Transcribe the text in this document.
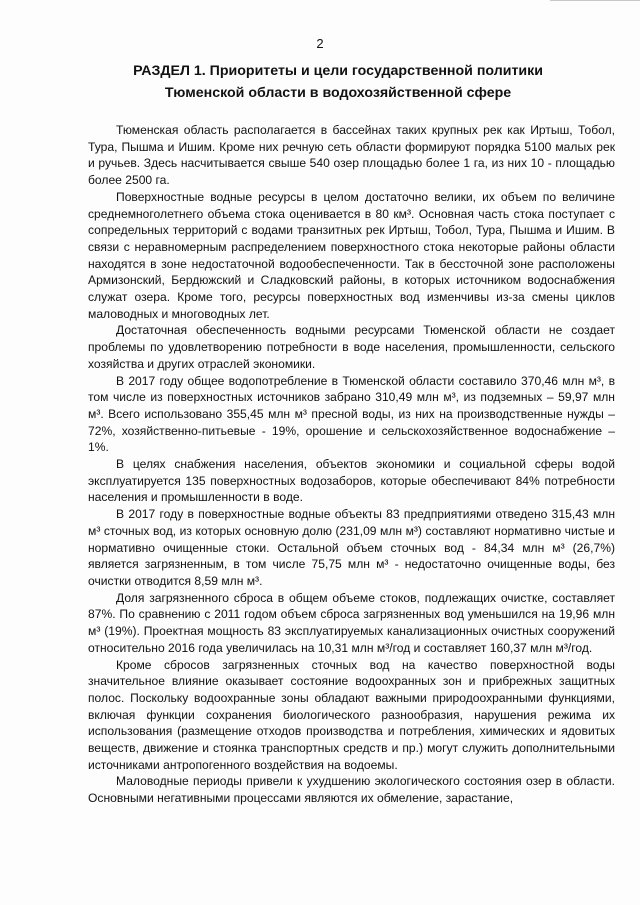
2
РАЗДЕЛ 1. Приоритеты и цели государственной политики
Тюменской области в водохозяйственной сфере

Тюменская область располагается в бассейнах таких крупных рек как Иртыш, Тобол, Тура, Пышма и Ишим. Кроме них речную сеть области формируют порядка 5100 малых рек и ручьев. Здесь насчитывается свыше 540 озер площадью более 1 га, из них 10 - площадью более 2500 га.

Поверхностные водные ресурсы в целом достаточно велики, их объем по величине среднемноголетнего объема стока оценивается в 80 км³. Основная часть стока поступает с сопредельных территорий с водами транзитных рек Иртыш, Тобол, Тура, Пышма и Ишим. В связи с неравномерным распределением поверхностного стока некоторые районы области находятся в зоне недостаточной водообеспеченности. Так в бессточной зоне расположены Армизонский, Бердюжский и Сладковский районы, в которых источником водоснабжения служат озера. Кроме того, ресурсы поверхностных вод изменчивы из-за смены циклов маловодных и многоводных лет.

Достаточная обеспеченность водными ресурсами Тюменской области не создает проблемы по удовлетворению потребности в воде населения, промышленности, сельского хозяйства и других отраслей экономики.

В 2017 году общее водопотребление в Тюменской области составило 370,46 млн м³, в том числе из поверхностных источников забрано 310,49 млн м³, из подземных – 59,97 млн м³. Всего использовано 355,45 млн м³ пресной воды, из них на производственные нужды – 72%, хозяйственно-питьевые - 19%, орошение и сельскохозяйственное водоснабжение – 1%.

В целях снабжения населения, объектов экономики и социальной сферы водой эксплуатируется 135 поверхностных водозаборов, которые обеспечивают 84% потребности населения и промышленности в воде.

В 2017 году в поверхностные водные объекты 83 предприятиями отведено 315,43 млн м³ сточных вод, из которых основную долю (231,09 млн м³) составляют нормативно чистые и нормативно очищенные стоки. Остальной объем сточных вод - 84,34 млн м³ (26,7%) является загрязненным, в том числе 75,75 млн м³ - недостаточно очищенные воды, без очистки отводится 8,59 млн м³.

Доля загрязненного сброса в общем объеме стоков, подлежащих очистке, составляет 87%. По сравнению с 2011 годом объем сброса загрязненных вод уменьшился на 19,96 млн м³ (19%). Проектная мощность 83 эксплуатируемых канализационных очистных сооружений относительно 2016 года увеличилась на 10,31 млн м³/год и составляет 160,37 млн м³/год.

Кроме сбросов загрязненных сточных вод на качество поверхностной воды значительное влияние оказывает состояние водоохранных зон и прибрежных защитных полос. Поскольку водоохранные зоны обладают важными природоохранными функциями, включая функции сохранения биологического разнообразия, нарушения режима их использования (размещение отходов производства и потребления, химических и ядовитых веществ, движение и стоянка транспортных средств и пр.) могут служить дополнительными источниками антропогенного воздействия на водоемы.

Маловодные периоды привели к ухудшению экологического состояния озер в области. Основными негативными процессами являются их обмеление, зарастание,
